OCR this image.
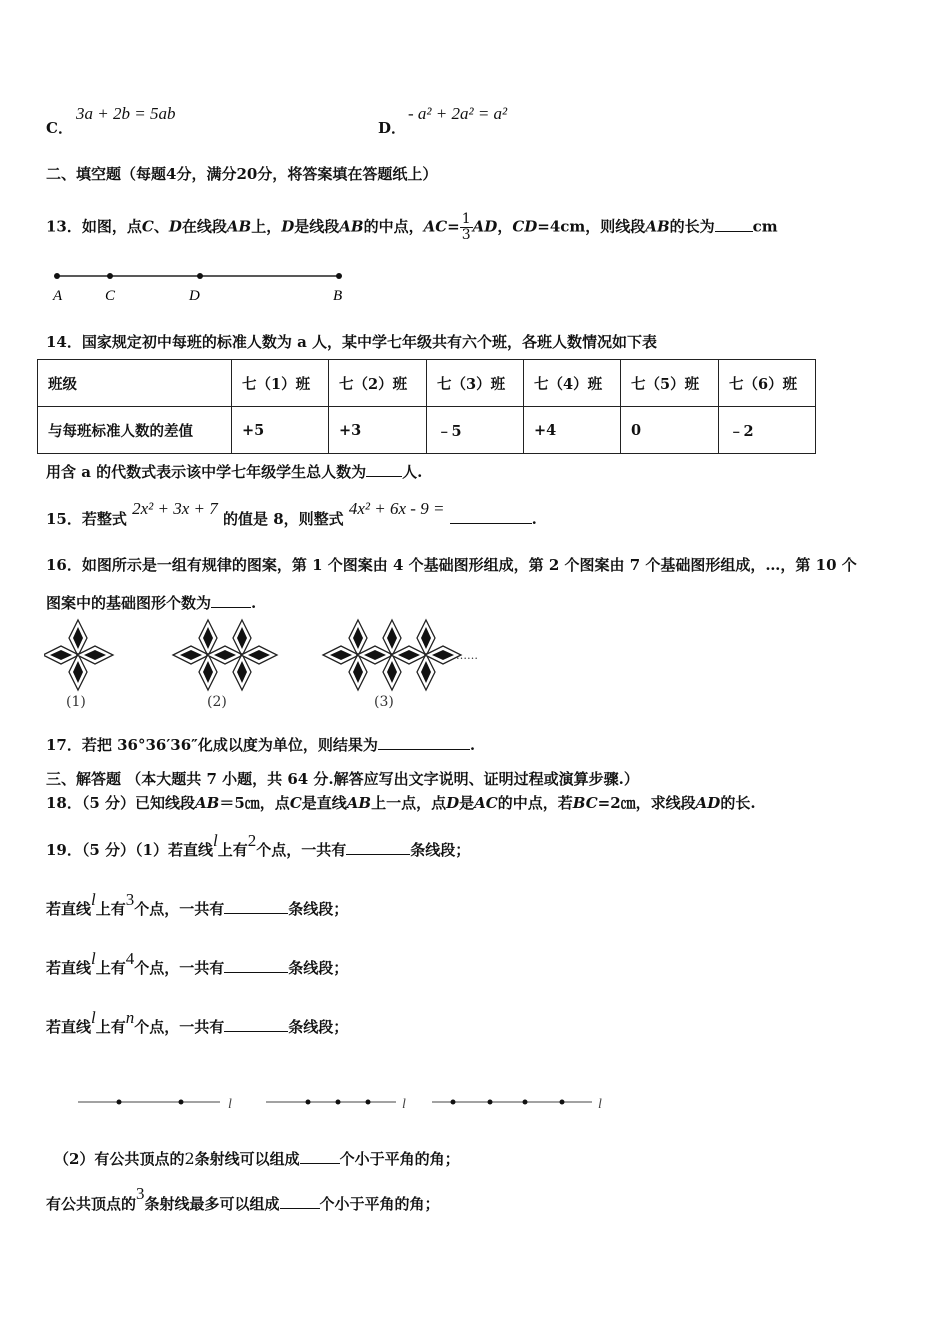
C．
3a + 2b = 5ab
D．
- a² + 2a² = a²
二、填空题（每题4分，满分20分，将答案填在答题纸上）
13．如图，点C、D在线段AB上，D是线段AB的中点，$AC= \frac{1}{3}$ AD，CD=4cm，则线段AB的长为	cm
A	C	D	B
14．国家规定初中每班的标准人数为 a 人，某中学七年级共有六个班，各班人数情况如下表
班级	七（1）班	七（2）班	七（3）班	七（4）班	七（5）班	七（6）班
与每班标准人数的差值	+5	+3	﹣5	+4	0	﹣2
用含 a 的代数式表示该中学七年级学生总人数为 人.
15．若整式 2x² + 3x + 7 的值是 8，则整式 4x² + 6x - 9 = .
16．如图所示是一组有规律的图案，第 1 个图案由 4 个基础图形组成，第 2 个图案由 7 个基础图形组成，…，第 10 个
图案中的基础图形个数为	.
……
(1)	(2)	(3)
17．若把 36°36′36″化成以度为单位，则结果为	.
三、解答题 （本大题共 7 小题，共 64 分.解答应写出文字说明、证明过程或演算步骤.）
18．（5 分）已知线段AB＝5㎝，点C是直线AB上一点，点D是AC的中点，若BC=2㎝，求线段AD的长.
19．（5 分）（1）若直线l上有2个点，一共有	条线段；
若直线l上有3个点，一共有	条线段；
若直线l上有4个点，一共有	条线段；
若直线l上有n个点，一共有	条线段；
l	l	l
（2）有公共顶点的2条射线可以组成	个小于平角的角；
有公共顶点的3条射线最多可以组成	个小于平角的角；
